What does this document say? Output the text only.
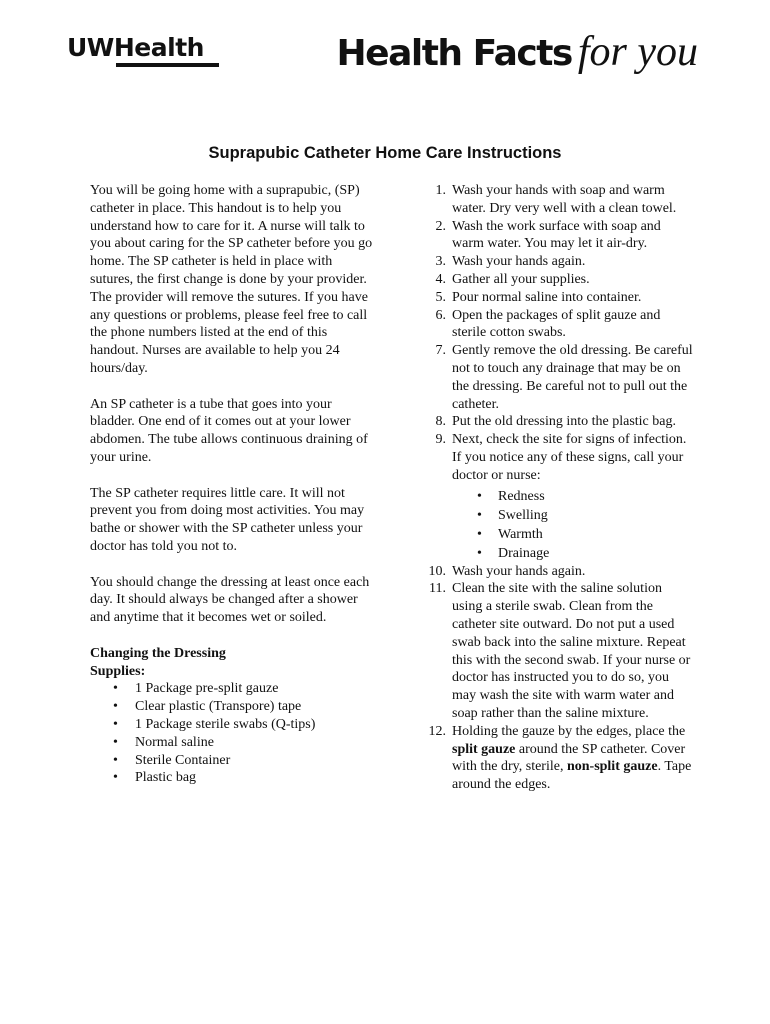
UWHealth	Health Facts for you
Suprapubic Catheter Home Care Instructions

You will be going home with a suprapubic, (SP) catheter in place. This handout is to help you understand how to care for it. A nurse will talk to you about caring for the SP catheter before you go home. The SP catheter is held in place with sutures, the first change is done by your provider. The provider will remove the sutures. If you have any questions or problems, please feel free to call the phone numbers listed at the end of this handout. Nurses are available to help you 24 hours/day.

An SP catheter is a tube that goes into your bladder. One end of it comes out at your lower abdomen. The tube allows continuous draining of your urine.

The SP catheter requires little care. It will not prevent you from doing most activities. You may bathe or shower with the SP catheter unless your doctor has told you not to.

You should change the dressing at least once each day. It should always be changed after a shower and anytime that it becomes wet or soiled.

Changing the Dressing
Supplies:
• 1 Package pre-split gauze
• Clear plastic (Transpore) tape
• 1 Package sterile swabs (Q-tips)
• Normal saline
• Sterile Container
• Plastic bag
1. Wash your hands with soap and warm water. Dry very well with a clean towel.
2. Wash the work surface with soap and warm water. You may let it air-dry.
3. Wash your hands again.
4. Gather all your supplies.
5. Pour normal saline into container.
6. Open the packages of split gauze and sterile cotton swabs.
7. Gently remove the old dressing. Be careful not to touch any drainage that may be on the dressing. Be careful not to pull out the catheter.
8. Put the old dressing into the plastic bag.
9. Next, check the site for signs of infection. If you notice any of these signs, call your doctor or nurse:
• Redness
• Swelling
• Warmth
• Drainage
10. Wash your hands again.
11. Clean the site with the saline solution using a sterile swab. Clean from the catheter site outward. Do not put a used swab back into the saline mixture. Repeat this with the second swab. If your nurse or doctor has instructed you to do so, you may wash the site with warm water and soap rather than the saline mixture.
12. Holding the gauze by the edges, place the split gauze around the SP catheter. Cover with the dry, sterile, non-split gauze. Tape around the edges.
